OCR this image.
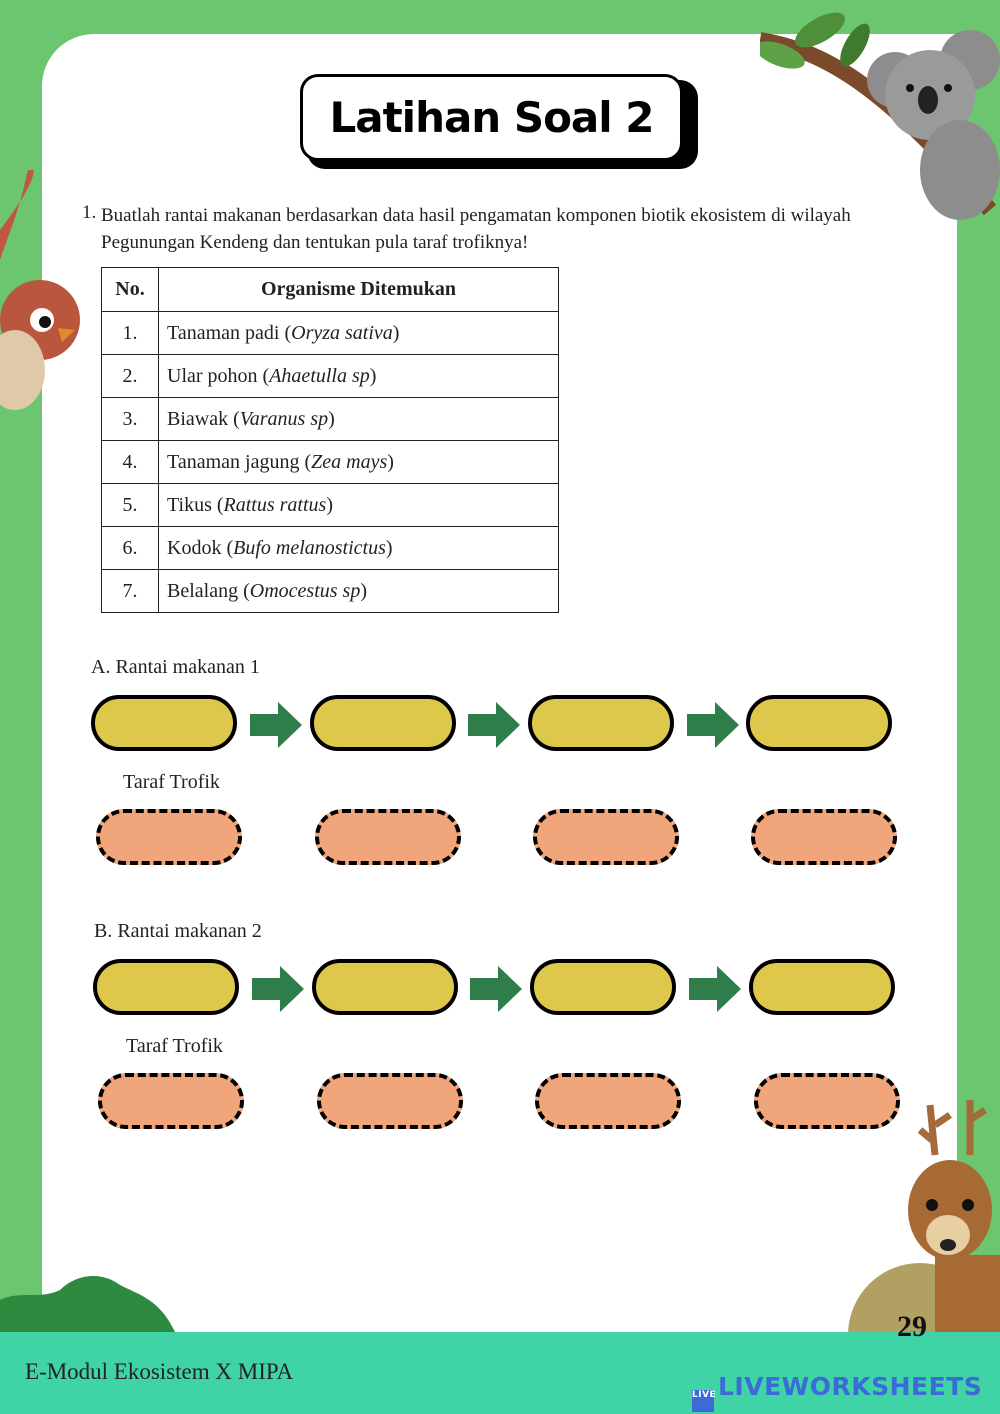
Latihan Soal 2
1. Buatlah rantai makanan berdasarkan data hasil pengamatan komponen biotik ekosistem di wilayah Pegunungan Kendeng dan tentukan pula taraf trofiknya!
No.	Organisme Ditemukan
1.	Tanaman padi (Oryza sativa)
2.	Ular pohon (Ahaetulla sp)
3.	Biawak (Varanus sp)
4.	Tanaman jagung (Zea mays)
5.	Tikus (Rattus rattus)
6.	Kodok (Bufo melanostictus)
7.	Belalang (Omocestus sp)
A. Rantai makanan 1
Taraf Trofik
B. Rantai makanan 2
Taraf Trofik
E-Modul Ekosistem X MIPA
29
LIVELIVEWORKSHEETS
